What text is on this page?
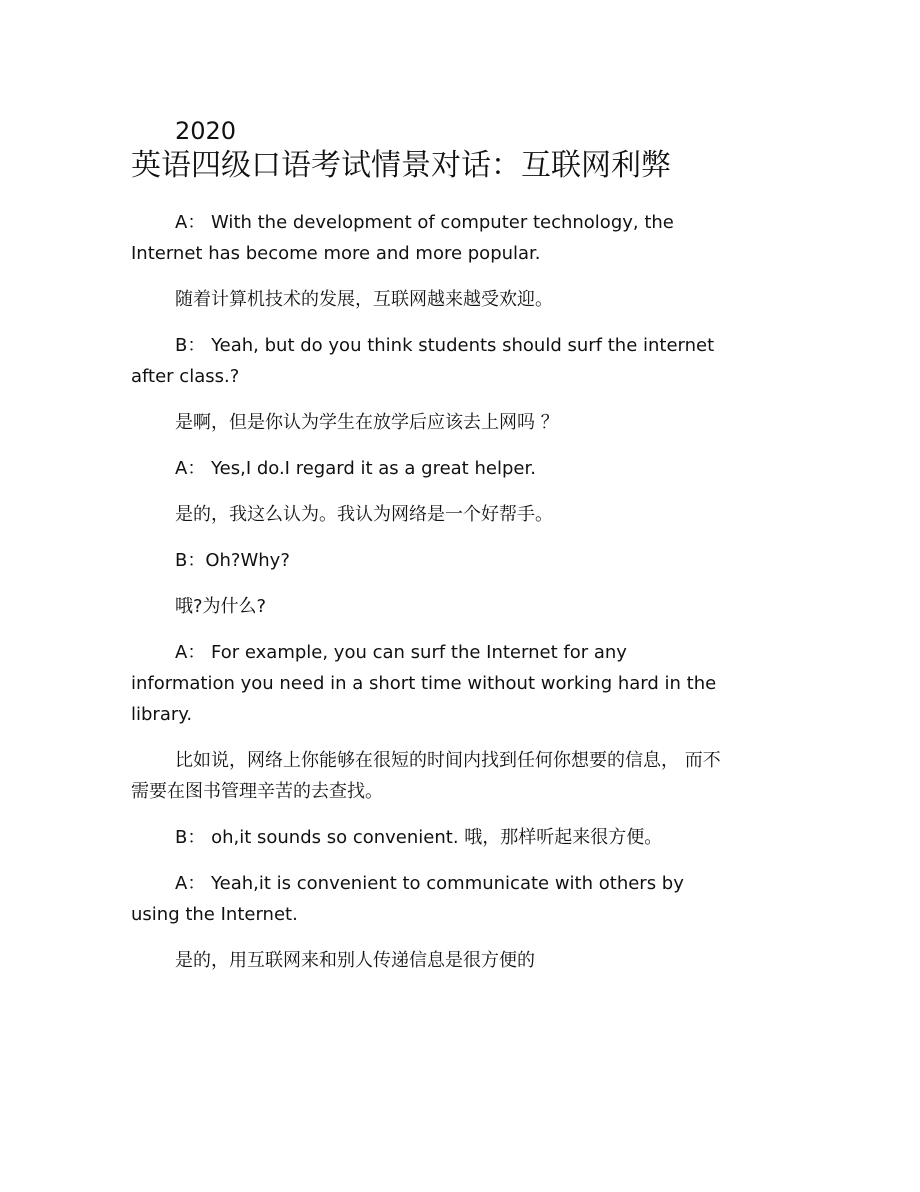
2020
英语四级口语考试情景对话：互联网利弊

A： With the development of computer technology, the Internet has become more and more popular.

随着计算机技术的发展，互联网越来越受欢迎。

B： Yeah, but do you think students should surf the internet after class.?

是啊，但是你认为学生在放学后应该去上网吗 ？

A： Yes,I do.I regard it as a great helper.

是的，我这么认为。我认为网络是一个好帮手。

B：Oh?Why?

哦?为什么?

A： For example, you can surf the Internet for any information you need in a short time without working hard in the library.

比如说，网络上你能够在很短的时间内找到任何你想要的信息， 而不需要在图书管理辛苦的去查找。

B： oh,it sounds so convenient. 哦，那样听起来很方便。

A： Yeah,it is convenient to communicate with others by using the Internet.

是的，用互联网来和别人传递信息是很方便的
